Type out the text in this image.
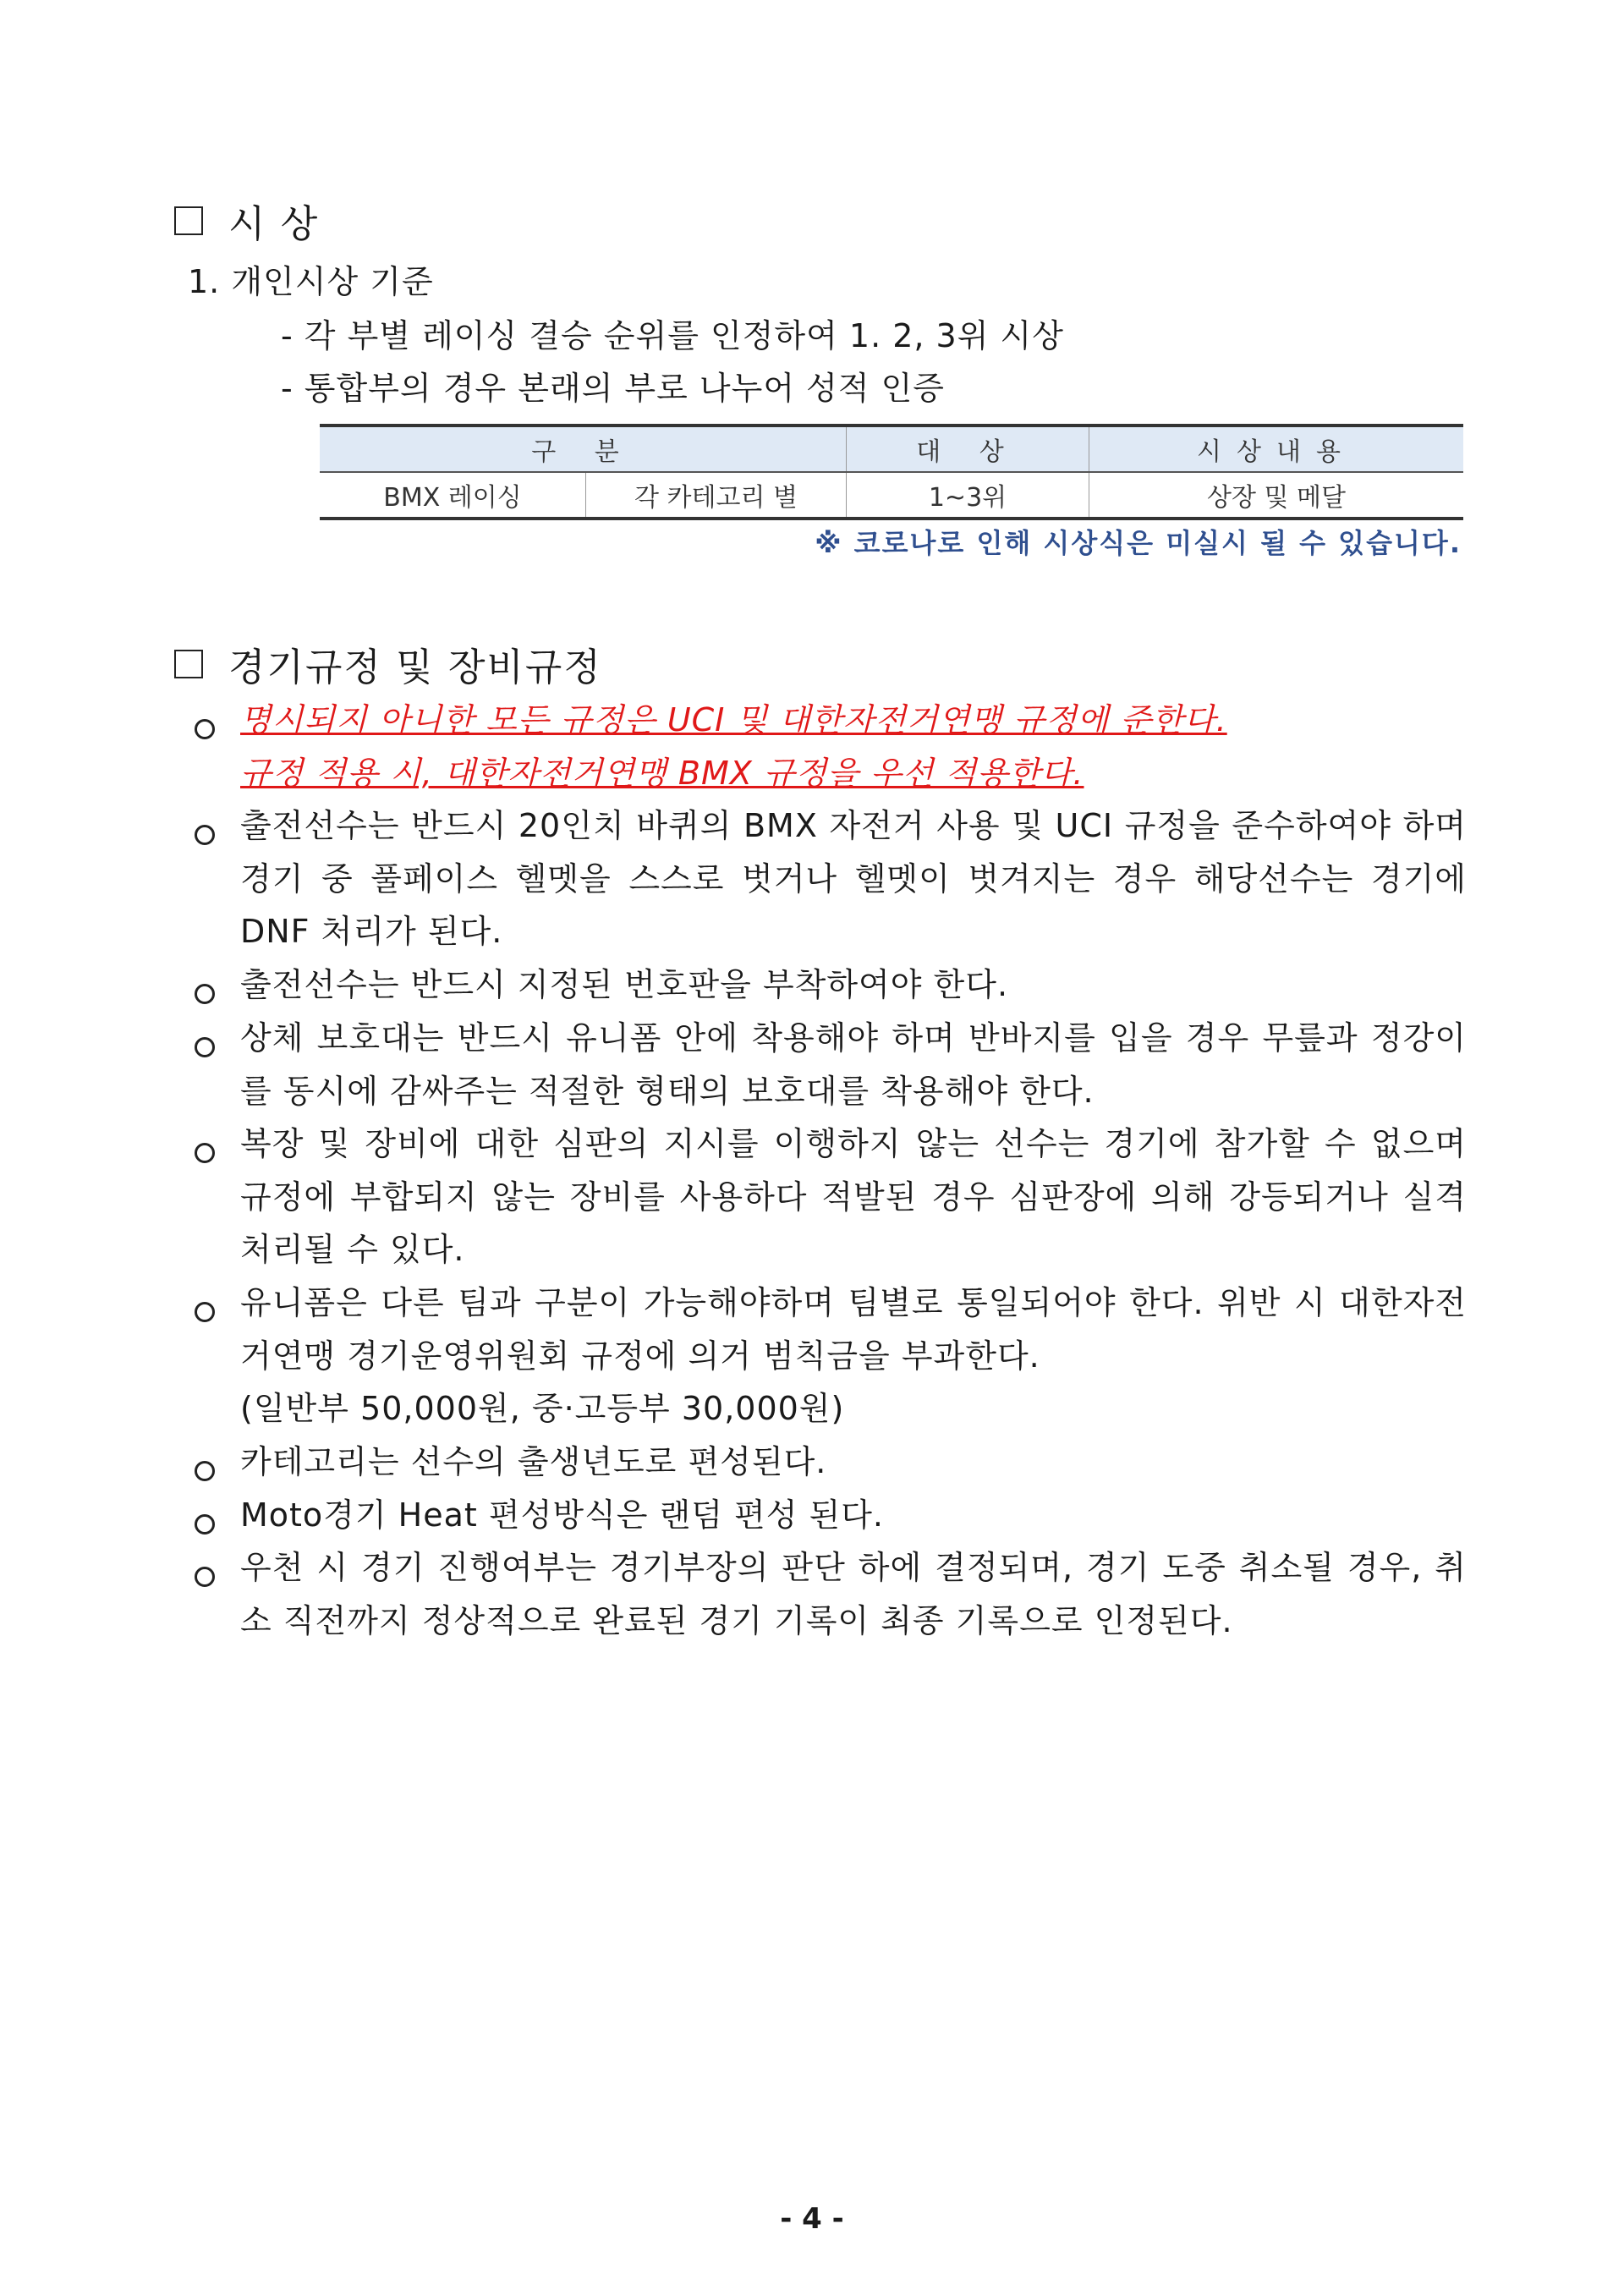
시 상
1. 개인시상 기준
- 각 부별 레이싱 결승 순위를 인정하여 1. 2, 3위 시상
- 통합부의 경우 본래의 부로 나누어 성적 인증
구 분		대 상	시상내용
BMX 레이싱	각 카테고리 별	1~3위	상장 및 메달
※ 코로나로 인해 시상식은 미실시 될 수 있습니다.
경기규정 및 장비규정
명시되지 아니한 모든 규정은 UCI 및 대한자전거연맹 규정에 준한다.
규정 적용 시, 대한자전거연맹 BMX 규정을 우선 적용한다.
출전선수는 반드시 20인치 바퀴의 BMX 자전거 사용 및 UCI 규정을 준수하여야 하며 경기 중 풀페이스 헬멧을 스스로 벗거나 헬멧이 벗겨지는 경우 해당선수는 경기에 DNF 처리가 된다.
출전선수는 반드시 지정된 번호판을 부착하여야 한다.
상체 보호대는 반드시 유니폼 안에 착용해야 하며 반바지를 입을 경우 무릎과 정강이를 동시에 감싸주는 적절한 형태의 보호대를 착용해야 한다.
복장 및 장비에 대한 심판의 지시를 이행하지 않는 선수는 경기에 참가할 수 없으며 규정에 부합되지 않는 장비를 사용하다 적발된 경우 심판장에 의해 강등되거나 실격 처리될 수 있다.
유니폼은 다른 팀과 구분이 가능해야하며 팀별로 통일되어야 한다. 위반 시 대한자전거연맹 경기운영위원회 규정에 의거 범칙금을 부과한다.
(일반부 50,000원, 중·고등부 30,000원)
카테고리는 선수의 출생년도로 편성된다.
Moto경기 Heat 편성방식은 랜덤 편성 된다.
우천 시 경기 진행여부는 경기부장의 판단 하에 결정되며, 경기 도중 취소될 경우, 취소 직전까지 정상적으로 완료된 경기 기록이 최종 기록으로 인정된다.
- 4 -
